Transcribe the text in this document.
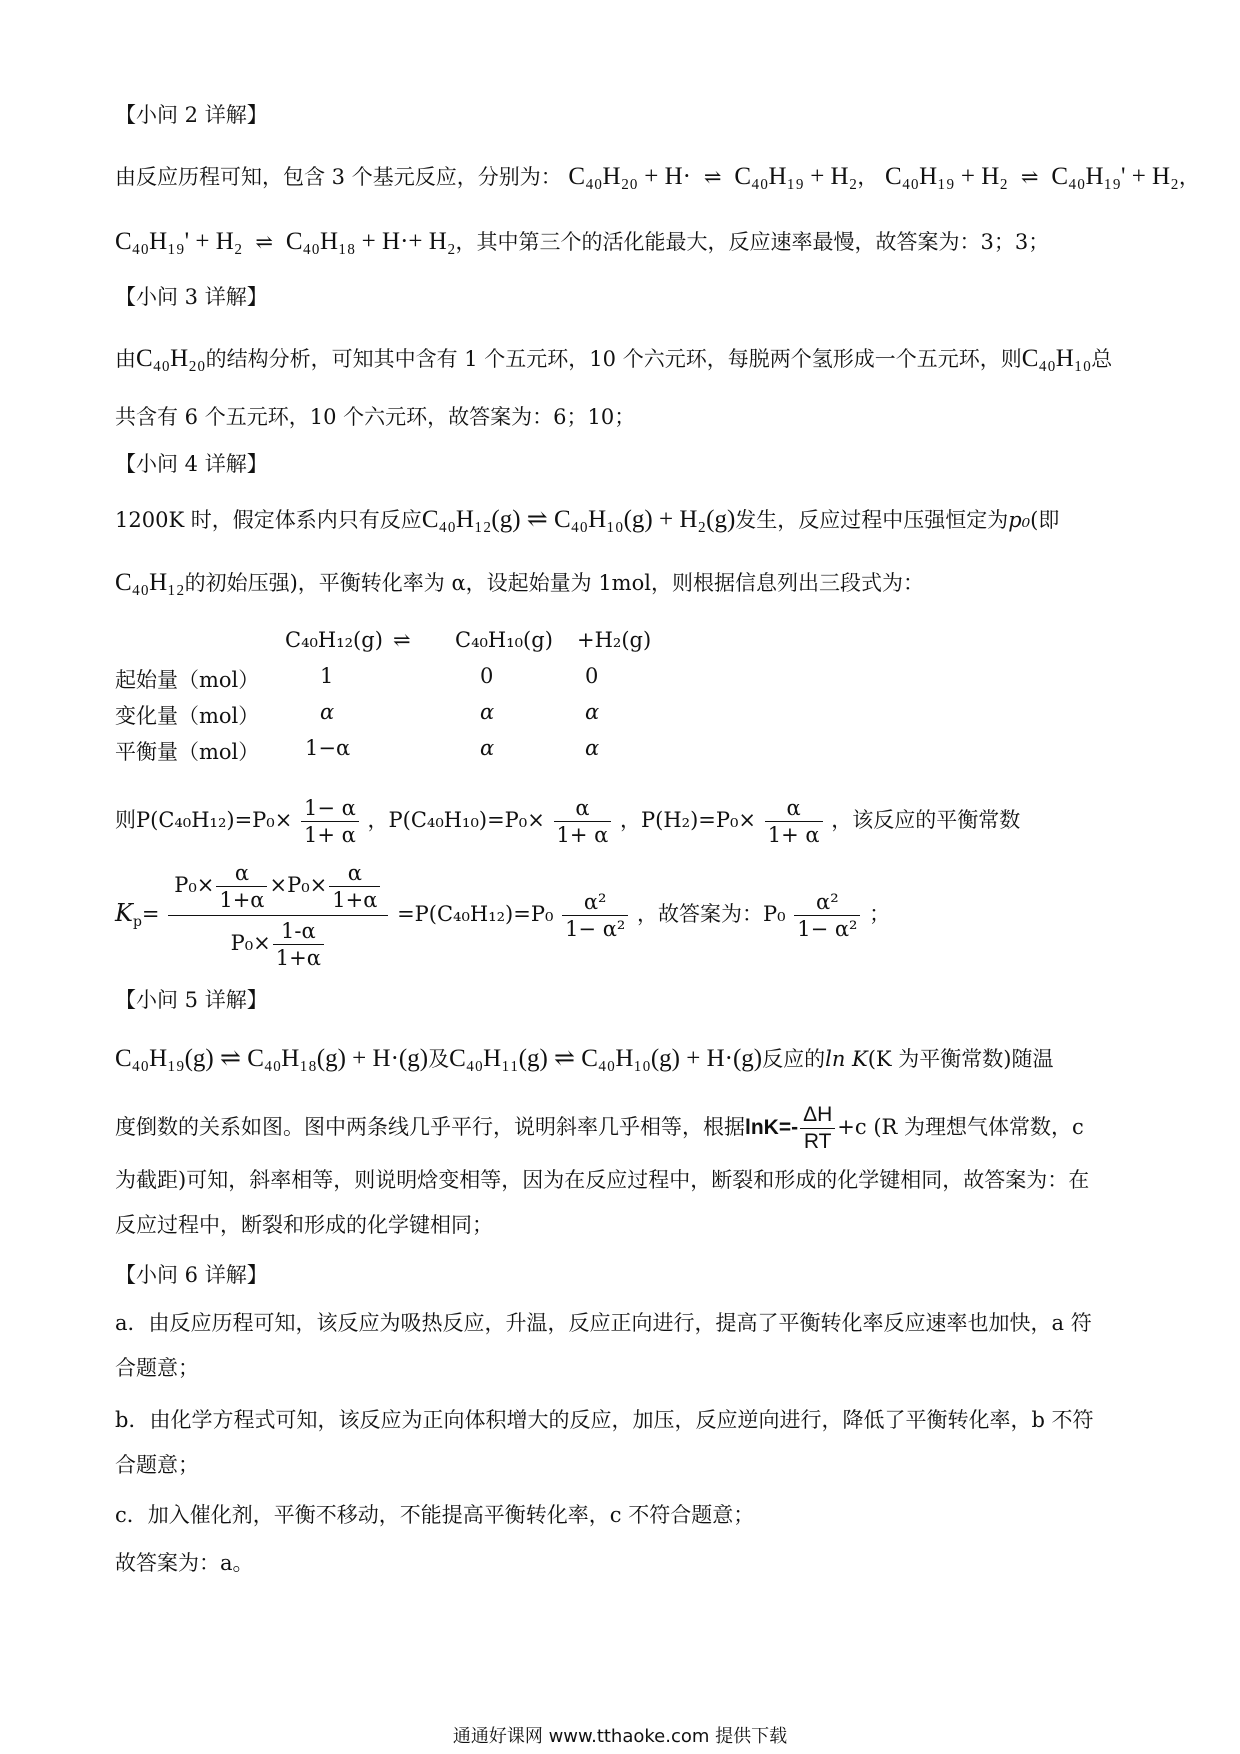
【小问 2 详解】
由反应历程可知，包含 3 个基元反应，分别为： C₄₀H₂₀ + H· ⇌ C₄₀H₁₉ + H₂， C₄₀H₁₉ + H₂ ⇌ C₄₀H₁₉' + H₂，
C₄₀H₁₉' + H₂ ⇌ C₄₀H₁₈ + H·+ H₂，其中第三个的活化能最大，反应速率最慢，故答案为：3；3；
【小问 3 详解】
由C₄₀H₂₀的结构分析，可知其中含有 1 个五元环，10 个六元环，每脱两个氢形成一个五元环，则C₄₀H₁₀总
共含有 6 个五元环，10 个六元环，故答案为：6；10；
【小问 4 详解】
1200K 时，假定体系内只有反应C₄₀H₁₂(g) ⇌ C₄₀H₁₀(g) + H₂(g)发生，反应过程中压强恒定为p₀(即
C₄₀H₁₂的初始压强)，平衡转化率为 α，设起始量为 1mol，则根据信息列出三段式为：
C₄₀H₁₂(g) ⇌ C₄₀H₁₀(g) +H₂(g)
起始量（mol）	1	0	0
变化量（mol）	α	α	α
平衡量（mol） 1−α	α	α
则$P(C_{40}H_{12})=P_0\times \frac{1- \alpha}{1+ \alpha}$ ，$P(C_{40}H_{10})=P_0\times \frac{\alpha}{1+ \alpha}$ ，$P(H_2)=P_0\times \frac{\alpha}{1+ \alpha}$ ，该反应的平衡常数
$K_p= \frac{P_0\times \frac{\alpha}{1+\alpha} \times P_0\times \frac{\alpha}{1+\alpha}}{P_0\times \frac{1-\alpha}{1+\alpha}} =P(C_{40}H_{12})=P_0 \frac{\text{α²}}{\text{1− α²}}$ ，故答案为：$P_0 \frac{\text{α²}}{\text{1− α²}}$ ；
【小问 5 详解】
C₄₀H₁₉(g) ⇌ C₄₀H₁₈(g) + H·(g)及C₄₀H₁₁(g) ⇌ C₄₀H₁₀(g) + H·(g)反应的ln K(K 为平衡常数)随温
度倒数的关系如图。图中两条线几乎平行，说明斜率几乎相等，根据$\ln K=- \frac{\Delta H}{RT} +c$ (R 为理想气体常数，c
为截距)可知，斜率相等，则说明焓变相等，因为在反应过程中，断裂和形成的化学键相同，故答案为：在
反应过程中，断裂和形成的化学键相同；
【小问 6 详解】
a．由反应历程可知，该反应为吸热反应，升温，反应正向进行，提高了平衡转化率反应速率也加快，a 符
合题意；
b．由化学方程式可知，该反应为正向体积增大的反应，加压，反应逆向进行，降低了平衡转化率，b 不符
合题意；
c．加入催化剂，平衡不移动，不能提高平衡转化率，c 不符合题意；
故答案为：a。
通通好课网 www.tthaoke.com 提供下载
